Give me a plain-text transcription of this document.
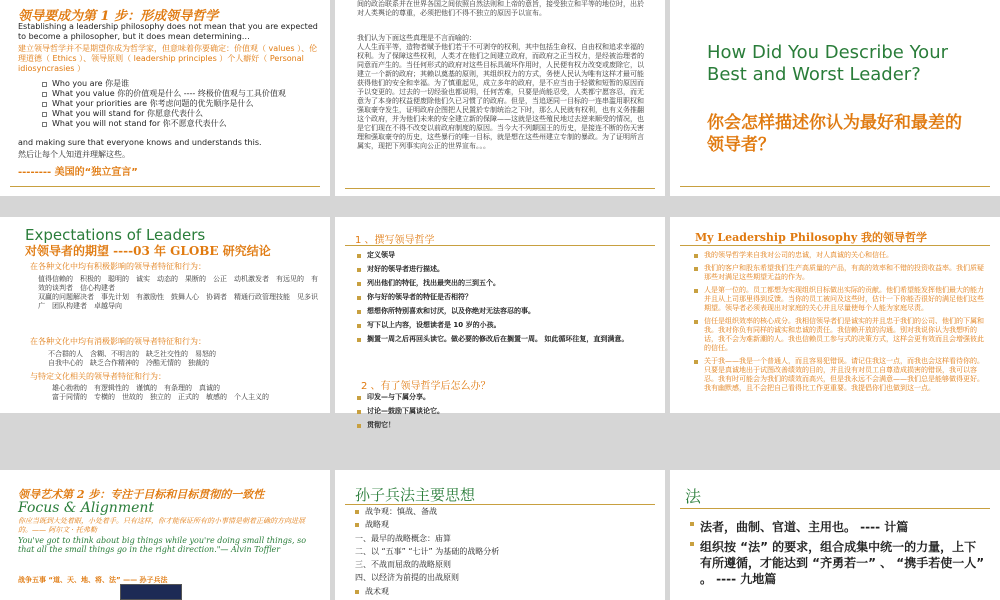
领导要成为第 1 步：形成领导哲学
Establishing a leadership philosophy does not mean that you are expected to become a philosopher, but it does mean determining…
建立领导哲学并不是期望你成为哲学家，但意味着你要确定：价值观（ values ）、伦理道德（ Ethics ）、领导原则（ leadership principles ）个人癖好（ Personal idiosyncrasies ）
Who you are 你是谁
What you value 你的价值观是什么 ---- 终极价值观与工具价值观
What your priorities are 你考虑问题的优先顺序是什么
What you will stand for 你愿意代表什么
What you will not stand for 你不愿意代表什么
and making sure that everyone knows and understands this.
然后让每个人知道并理解这些。
-------- 美国的“独立宣言”
间的政治联系并在世界各国之间依照自然法则和上帝的意旨，接受独立和平等的地位时，出於对人类舆论的尊重，必须把他们不得不独立的原因予以宣布。
我们认为下面这些真理是不言而喻的：
人人生而平等，造物者赋予他们若干不可剥夺的权利，其中包括生命权、自由权和追求幸福的权利。为了保障这些权利，人类才在他们之间建立政府，而政府之正当权力，是经被治理者的同意而产生的。当任何形式的政府对这些目标具破坏作用时，人民便有权力改变或废除它，以建立一个新的政府；其赖以奠基的原则，其组织权力的方式，务使人民认为唯有这样才最可能获得他们的安全和幸福。为了慎重起见，成立多年的政府，是不应当由于轻微和短暂的原因而予以变更的。过去的一切经验也都说明，任何苦难，只要是尚能忍受，人类都宁愿容忍，而无意为了本身的权益便废除他们久已习惯了的政府。但是，当追逐同一目标的一连串滥用职权和强取豪夺发生，证明政府企图把人民置於专制统治之下时，那么人民就有权利，也有义务推翻这个政府，并为他们未来的安全建立新的保障——这就是这些殖民地过去逆来顺受的情况，也是它们现在不得不改变以前政府制度的原因。当今大不列颠国王的历史，是接连不断的伤天害理和强取豪夺的历史，这些暴行的唯一目标，就是想在这些州建立专制的暴政。为了证明所言属实，现把下列事实向公正的世界宣布。。。
How Did You Describe Your Best and Worst Leader?
你会怎样描述你认为最好和最差的领导者？
Expectations of Leaders
对领导者的期望 ----03 年 GLOBE 研究结论
在各种文化中均有积极影响的领导者特征和行为：
值得信赖的　积极的　聪明的　诚实　动态的　果断的　公正　动机激发者　有远见的　有效的谈判者　信心构建者
双赢的问题解决者　事先计划　有激励性　鼓舞人心　协调者　精通行政管理技能　见多识广　团队构建者　卓越导向
在各种文化中均有消极影响的领导者特征和行为：
不合群的人　含糊、不明言的　缺乏社交性的　易怒的
自我中心的　缺乏合作精神的　冷酷无情的　独裁的
与特定文化相关的领导者特征和行为：
雄心勃勃的　有逻辑性的　谨慎的　有条理的　真诚的
富于同情的　专横的　世故的　独立的　正式的　敏感的　个人主义的
1 、撰写领导哲学
定义领导
对好的领导者进行描述。
列出他们的特征，找出最突出的三到五个。
你与好的领导者的特征是否相符？
想想你所特别喜欢和讨厌，以及你绝对无法容忍的事。
写下以上内容，设想读者是 10 岁的小孩。
搁置一周之后再回头读它。做必要的修改后在搁置一周。 如此循环往复，直到满意。
2 、有了领导哲学后怎么办？
印发—与下属分享。
讨论—鼓励下属谈论它。
贯彻它！
My Leadership Philosophy 我的领导哲学
我的领导哲学来自我对公司的忠诚，对人真诚的关心和信任。
我们的客户和股东希望我们生产高质量的产品，有高的效率和不错的投资收益率。我们质疑那些对满足这些期望无益的作为。
人是第一位的。员工都想为实现组织目标做出实际的贡献。他们希望能发挥他们最大的能力并且从上司那里得到反馈。当你的员工被问及这些时，估计一下你能否很好的满足他们这些期望。领导者必须表现出对家庭的关心并且尽量使每个人能为家庭尽责。
信任是组织效率的核心成分。我相信领导者们是诚实的并且忠于我们的公司、他们的下属和我。我对你负有同样的诚实和忠诚的责任。我信赖开放的沟通。别对我说你认为我想听的话，我不会为难新潮的人。我也信赖员工参与式的决策方式，这样会更有效而且会增强彼此的信任。
关于我——我是一个普通人，而且容易犯错误。请记住我这一点，而我也会这样看待你的。只要是真诚地出于试图改善绩效的目的，并且没有对员工自尊造成损害的错误，我可以容忍。我有时可能会为我们的绩效而高兴，但是我永远不会满意——我们总是能够做得更好。我有幽默感，且不会把自己看得比工作更重要。我提倡你们也做到这一点。
领导艺术第 2 步：专注于目标和目标贯彻的一致性
Focus & Alignment
你应当既到大处着眼，小处着手。只有这样，你才能保证所有的小事情是朝着正确的方向进展的。—— 阿尔文 · 托弗勒
You've got to think about big things while you're doing small things, so that all the small things go in the right direction."— Alvin Toffler
战争五事 “道、天、地、将、法” —— 孙子兵法
孙子兵法主要思想
战争观：慎战、备战
战略观
一、最早的战略概念：庙算
二、以 “五事” “七计” 为基础的战略分析
三、不战而屈敌的战略原则
四、以经济为前提的出战原则
战术观
法
法者，曲制、官道、主用也。 ---- 计篇
组织按 “法” 的要求，组合成集中统一的力量，上下有所遵循，才能达到 “齐勇若一” 、 “携手若使一人” 。 ---- 九地篇
